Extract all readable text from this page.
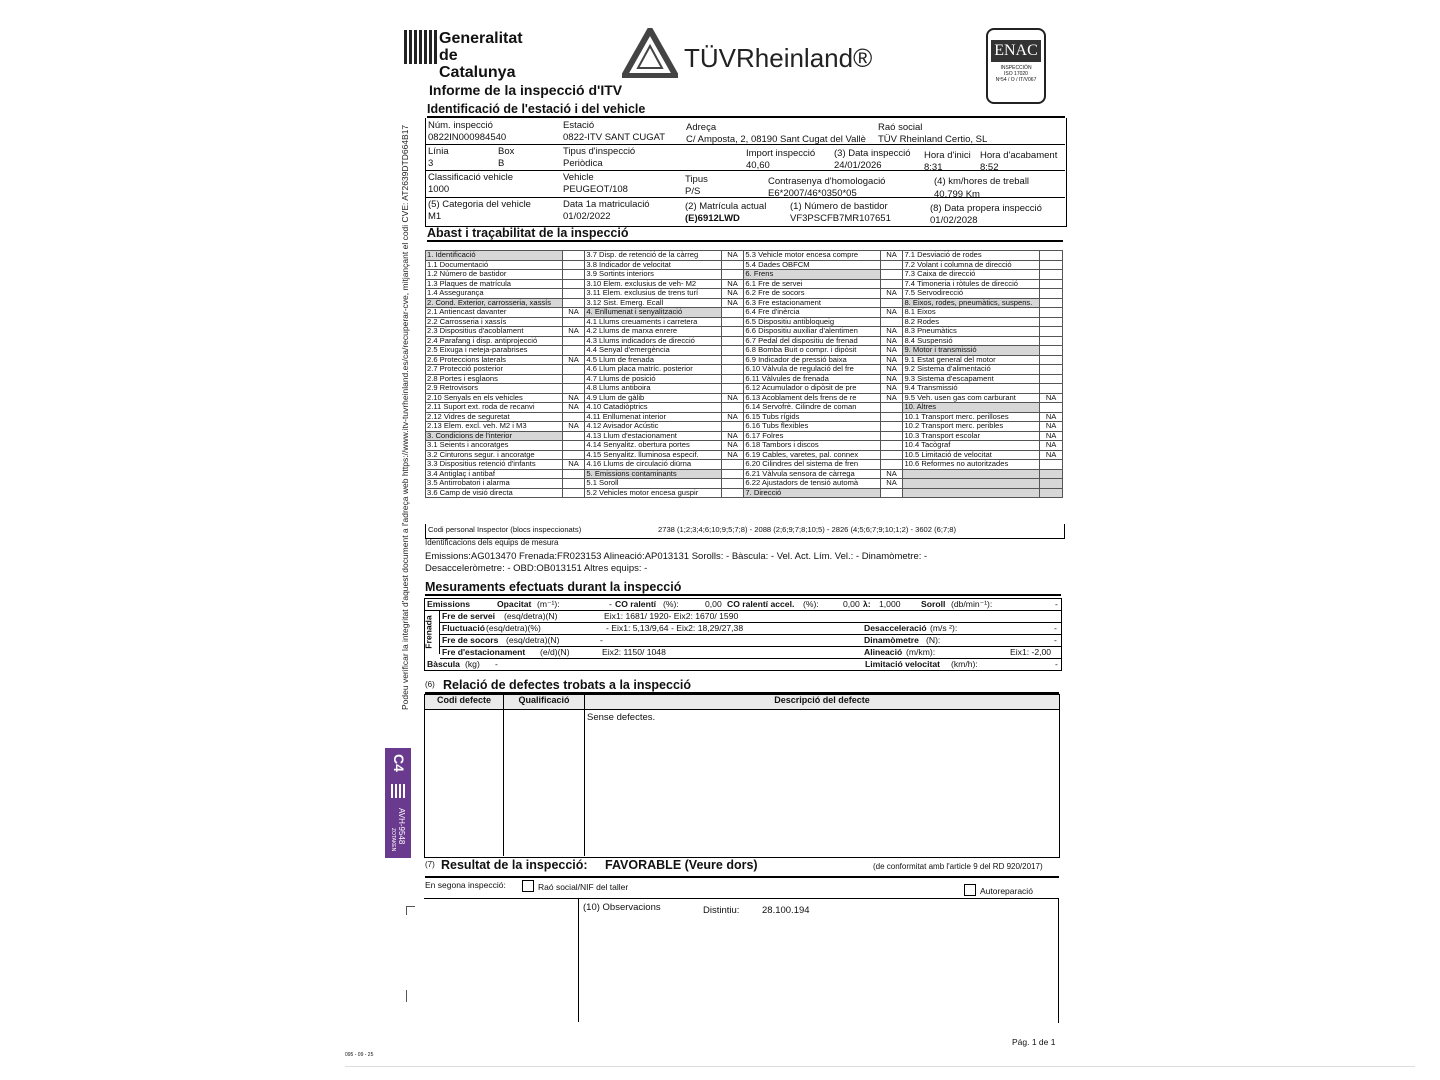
Podeu verificar la integritat d'aquest document a l'adreça web https://www.itv-tuvrheinland.es/ca/recuperar-cve, mitjançant el codi CVE: AT2639DTD664B17
Generalitat
de Catalunya	TÜVRheinland®	ENAC
INSPECCIÓN
ISO 17020
Nº54 / O / IT/V067
Informe de la inspecció d'ITV
Identificació de l'estació i del vehicle
Núm. inspecció
0822IN000984540
Estació
0822-ITV SANT CUGAT
Adreça
C/ Amposta, 2, 08190 Sant Cugat del Vallè
Raó social
TÜV Rheinland Certio, SL
Línia
3
Box
B
Tipus d'inspecció
Periòdica
Import inspecció
40,60
(3) Data inspecció
24/01/2026
Hora d'inici
8:31
Hora d'acabament
8:52
Classificació vehicle
1000
Vehicle
PEUGEOT/108
Tipus
P/S
Contrasenya d'homologació
E6*2007/46*0350*05
(4) km/hores de treball
40.799 Km
(5) Categoria del vehicle
M1
Data 1a matriculació
01/02/2022
(2) Matrícula actual
(E)6912LWD
(1) Número de bastidor
VF3PSCFB7MR107651
(8) Data propera inspecció
01/02/2028
Abast i traçabilitat de la inspecció
1. Identificació		3.7 Disp. de retenció de la càrreg	NA	5.3 Vehicle motor encesa compre	NA	7.1 Desviació de rodes	
1.1 Documentació		3.8 Indicador de velocitat		5.4 Dades OBFCM		7.2 Volant i columna de direcció	
1.2 Número de bastidor		3.9 Sortints interiors		6. Frens		7.3 Caixa de direcció	
1.3 Plaques de matrícula		3.10 Elem. exclusius de veh- M2	NA	6.1 Fre de servei		7.4 Timoneria i ròtules de direcció	
1.4 Assegurança		3.11 Elem. exclusius de trens turí	NA	6.2 Fre de socors	NA	7.5 Servodirecció	
2. Cond. Exterior, carrosseria, xassís		3.12 Sist. Emerg. Ecall	NA	6.3 Fre estacionament		8. Eixos, rodes, pneumàtics, suspens.	
2.1 Antiencast davanter	NA	4. Enllumenat i senyalització		6.4 Fre d'inèrcia	NA	8.1 Eixos	
2.2 Carrosseria i xassís		4.1 Llums creuaments i carretera		6.5 Dispositiu antibloqueig		8.2 Rodes	
2.3 Dispositius d'acoblament	NA	4.2 Llums de marxa enrere		6.6 Dispositiu auxiliar d'alentimen	NA	8.3 Pneumàtics	
2.4 Parafang i disp. antiprojecció		4.3 Llums indicadors de direcció		6.7 Pedal del dispositiu de frenad	NA	8.4 Suspensió	
2.5 Eixuga i neteja-parabrises		4.4 Senyal d'emergència		6.8 Bomba Buit o compr. i dipòsit	NA	9. Motor i transmissió	
2.6 Proteccions laterals	NA	4.5 Llum de frenada		6.9 Indicador de pressió baixa	NA	9.1 Estat general del motor	
2.7 Protecció posterior		4.6 Llum placa matríc. posterior		6.10 Vàlvula de regulació del fre	NA	9.2 Sistema d'alimentació	
2.8 Portes i esglaons		4.7 Llums de posició		6.11 Vàlvules de frenada	NA	9.3 Sistema d'escapament	
2.9 Retrovisors		4.8 Llums antiboira		6.12 Acumulador o dipòsit de pre	NA	9.4 Transmissió	
2.10 Senyals en els vehicles	NA	4.9 Llum de gàlib	NA	6.13 Acoblament dels frens de re	NA	9.5 Veh. usen gas com carburant	NA
2.11 Suport ext. roda de recanvi	NA	4.10 Catadiòptrics		6.14 Servofrè. Cilindre de coman		10. Altres	
2.12 Vidres de seguretat		4.11 Enllumenat interior	NA	6.15 Tubs rígids		10.1 Transport merc. perilloses	NA
2.13 Elem. excl. veh. M2 i M3	NA	4.12 Avisador Acústic		6.16 Tubs flexibles		10.2 Transport merc. peribles	NA
3. Condicions de l'interior		4.13 Llum d'estacionament	NA	6.17 Folres		10.3 Transport escolar	NA
3.1 Seients i ancoratges		4.14 Senyalitz. obertura portes	NA	6.18 Tambors i discos		10.4 Tacògraf	NA
3.2 Cinturons segur. i ancoratge		4.15 Senyalitz. lluminosa especif.	NA	6.19 Cables, varetes, pal. connex		10.5 Limitació de velocitat	NA
3.3 Dispositius retenció d'infants	NA	4.16 Llums de circulació diürna		6.20 Cilindres del sistema de fren		10.6 Reformes no autoritzades	
3.4 Antiglaç i antibaf		5. Emissions contaminants		6.21 Vàlvula sensora de càrrega	NA		
3.5 Antirrobatori i alarma		5.1 Soroll		6.22 Ajustadors de tensió automà	NA		
3.6 Camp de visió directa		5.2 Vehicles motor encesa guspir		7. Direcció			
Codi personal Inspector (blocs inspeccionats)	2738 (1;2;3;4;6;10;9;5;7;8) - 2088 (2;6;9;7;8;10;5) - 2826 (4;5;6;7;9;10;1;2) - 3602 (6;7;8)
Identificacions dels equips de mesura
Emissions:AG013470 Frenada:FR023153 Alineació:AP013131 Sorolls: - Bàscula: - Vel. Act. Lím. Vel.: - Dinamòmetre: -
Desacceleròmetre: - OBD:OB013151 Altres equips: -
Mesuraments efectuats durant la inspecció
Emissions	Opacitat (m⁻¹):	- CO ralentí (%):	0,00 CO ralentí accel. (%):	0,00 λ: 1,000 Soroll (db/min⁻¹):	-
Frenada Fre de servei (esq/detra)(N)	Eix1: 1681/ 1920- Eix2: 1670/ 1590
Fluctuació (esq/detra)(%)	- Eix1: 5,13/9,64 - Eix2: 18,29/27,38	Desacceleració (m/s ²):	-
Fre de socors (esq/detra)(N)	-	Dinamòmetre (N):	-
Fre d'estacionament (e/d)(N)	Eix2: 1150/ 1048	Alineació (m/km):	Eix1: -2,00
Bàscula (kg) -	Limitació velocitat (km/h):	-
(6) Relació de defectes trobats a la inspecció
Codi defecte	Qualificació	Descripció del defecte
Sense defectes.
(7) Resultat de la inspecció: FAVORABLE (Veure dors)	(de conformitat amb l'article 9 del RD 920/2017)
En segona inspecció:	Raó social/NIF del taller	Autoreparació
(10) Observacions	Distintiu: 28.100.194
C4
AVH-9548
ZOTAKEN
Pág. 1 de 1
095 - 09 - 25
